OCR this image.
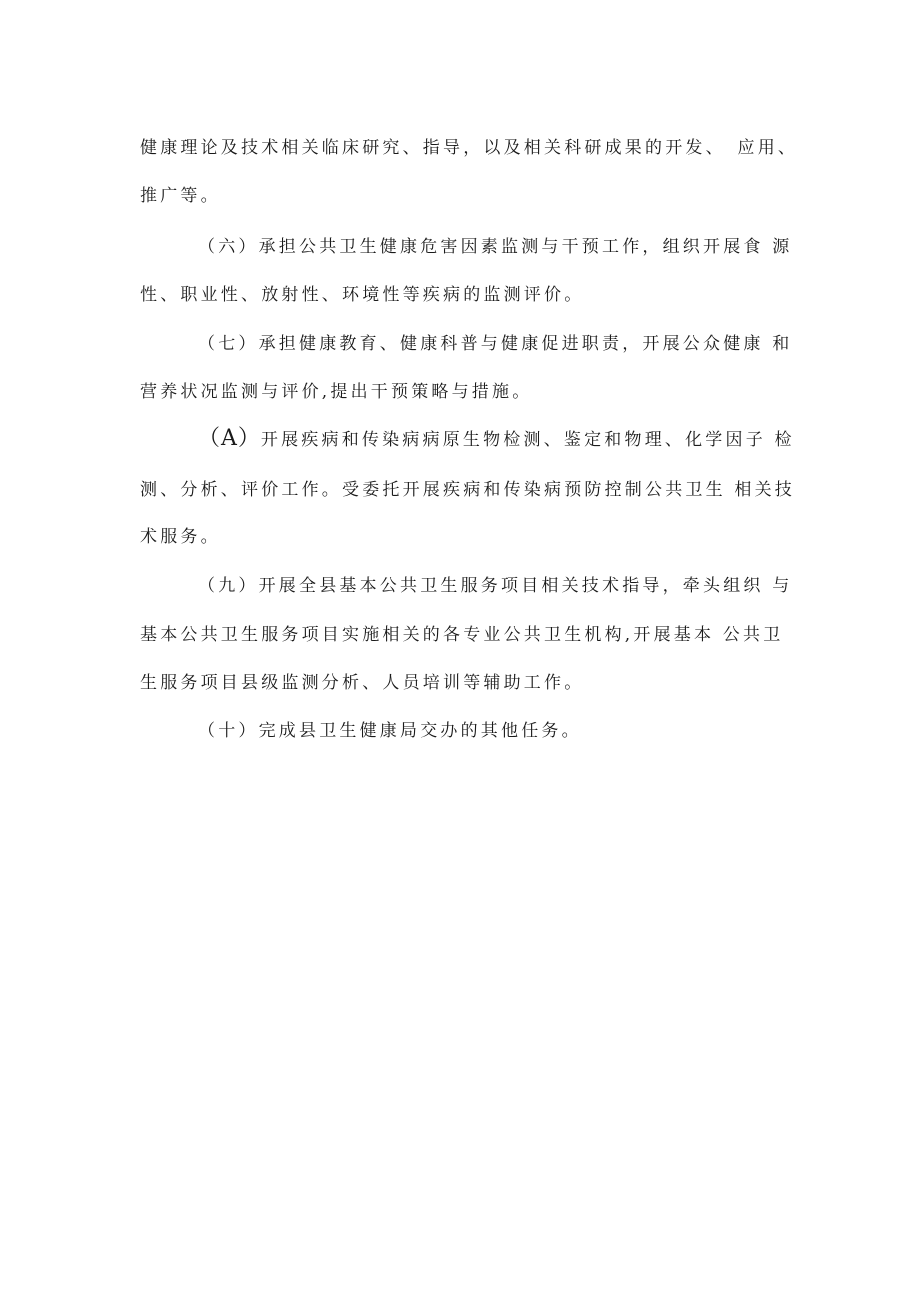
健康理论及技术相关临床研究、指导，以及相关科研成果的开发、　应用、
推广等。
（六）承担公共卫生健康危害因素监测与干预工作，组织开展食 源
性、职业性、放射性、环境性等疾病的监测评价。
（七）承担健康教育、健康科普与健康促进职责，开展公众健康 和
营养状况监测与评价,提出干预策略与措施。
（A）开展疾病和传染病病原生物检测、鉴定和物理、化学因子 检
测、分析、评价工作。受委托开展疾病和传染病预防控制公共卫生 相关技
术服务。
（九）开展全县基本公共卫生服务项目相关技术指导，牵头组织 与
基本公共卫生服务项目实施相关的各专业公共卫生机构,开展基本 公共卫
生服务项目县级监测分析、人员培训等辅助工作。
（十）完成县卫生健康局交办的其他任务。
